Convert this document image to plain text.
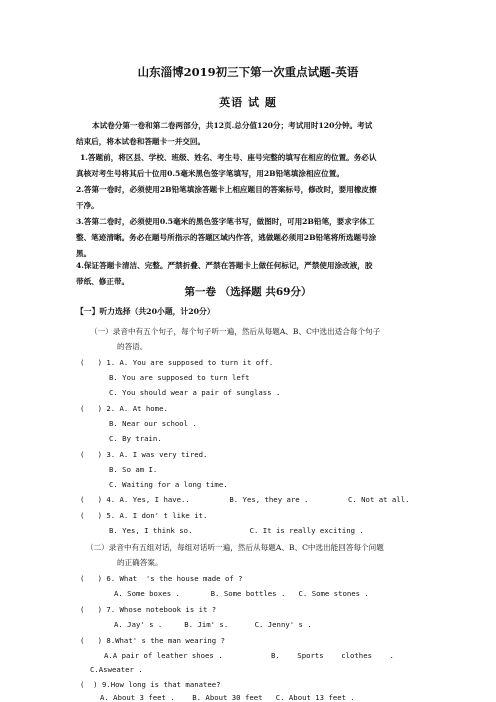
山东淄博2019初三下第一次重点试题-英语
英语 试 题
本试卷分第一卷和第二卷两部分，共12页.总分值120分；考试用时120分钟。考试
结束后，将本试卷和答题卡一并交回。
1.答题前，将区县、学校、班级、姓名、考生号、座号完整的填写在相应的位置。务必认
真核对考生号将其后十位用0.5毫米黑色签字笔填写，用2B铅笔填涂相应位置。
2.答第一卷时，必须使用2B铅笔填涂答题卡上相应题目的答案标号，修改时，要用橡皮擦
干净。
3.答第二卷时，必须使用0.5毫米的黑色签字笔书写，做图时，可用2B铅笔，要求字体工
整、笔迹清晰。务必在题号所指示的答题区域内作答，逃做题必须用2B铅笔将所选题号涂
黑。
4.保证答题卡清洁、完整。严禁折叠、严禁在答题卡上做任何标记，严禁使用涂改液，胶
带纸、修正带。
第一卷 （选择题 共69分）
【一】听力选择（共20小题，计20分）
（一）录音中有五个句子，每个句子听一遍，然后从每题A、B、C中选出适合每个句子
的答语。
(   ) 1. A. You are supposed to turn it off.
B. You are supposed to turn left
C. You should wear a pair of sunglass .
(   ) 2. A. At home.
B. Near our school .
C. By train.
(   ) 3. A. I was very tired.
B. So am I.
C. Waiting for a long time.
(   ) 4. A. Yes, I have..         B. Yes, they are .         C. Not at all.
(   ) 5. A. I don' t like it.
B. Yes, I think so.             C. It is really exciting .
（二）录音中有五组对话，每组对话听一遍，然后从每题A、B、C中选出能回答每个问题
的正确答案。
(   ) 6. What  's the house made of ?
A. Some boxes .       B. Some bottles .   C. Some stones .
(   ) 7. Whose notebook is it ?
A. Jay' s .     B. Jim' s.      C. Jenny' s .
(   ) 8.What' s the man wearing ?
A.A pair of leather shoes .           B.    Sports    clothes    .
C.Asweater .
(  ) 9.How long is that manatee?
A. About 3 feet .    B. About 30 feet   C. About 13 feet .
